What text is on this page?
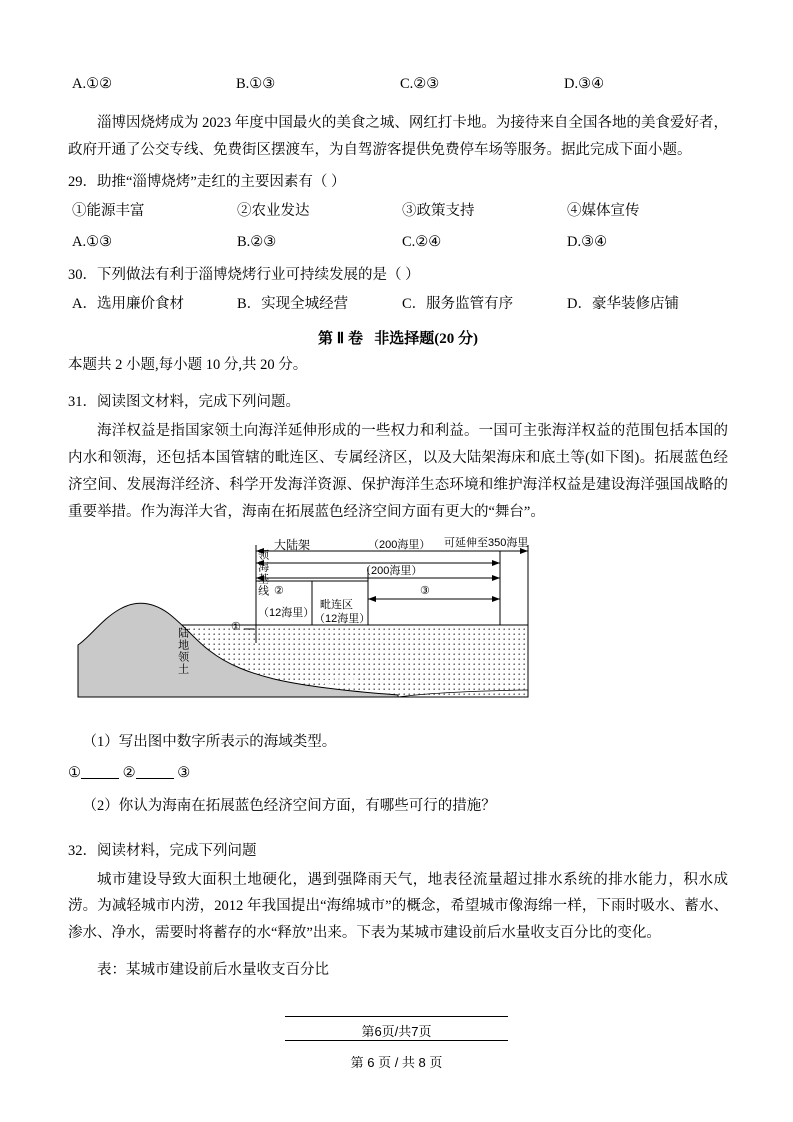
A.①②	B.①③	C.②③	D.③④

淄博因烧烤成为 2023 年度中国最火的美食之城、网红打卡地。为接待来自全国各地的美食爱好者，政府开通了公交专线、免费街区摆渡车，为自驾游客提供免费停车场等服务。据此完成下面小题。

29．助推“淄博烧烤”走红的主要因素有（ ）
①能源丰富	②农业发达	③政策支持	④媒体宣传
A.①③	B.②③	C.②④	D.③④
30．下列做法有利于淄博烧烤行业可持续发展的是（ ）
A．选用廉价食材	B．实现全城经营	C．服务监管有序	D．豪华装修店铺
第 Ⅱ 卷 非选择题(20 分)
本题共 2 小题,每小题 10 分,共 20 分。
31．阅读图文材料，完成下列问题。

海洋权益是指国家领土向海洋延伸形成的一些权力和利益。一国可主张海洋权益的范围包括本国的内水和领海，还包括本国管辖的毗连区、专属经济区，以及大陆架海床和底土等(如下图)。拓展蓝色经济空间、发展海洋经济、科学开发海洋资源、保护海洋生态环境和维护海洋权益是建设海洋强国战略的重要举措。作为海洋大省，海南在拓展蓝色经济空间方面有更大的“舞台”。

领海基线
大陆架	（200海里） 可延伸至350海里
（200海里）
②
（12海里）
毗连区
（12海里）
③
①
陆地领土
大陆架
（1）写出图中数字所表示的海域类型。
①	②	③
（2）你认为海南在拓展蓝色经济空间方面，有哪些可行的措施？
32．阅读材料，完成下列问题

城市建设导致大面积土地硬化，遇到强降雨天气，地表径流量超过排水系统的排水能力，积水成涝。为减轻城市内涝，2012 年我国提出“海绵城市”的概念，希望城市像海绵一样，下雨时吸水、蓄水、渗水、净水，需要时将蓄存的水“释放”出来。下表为某城市建设前后水量收支百分比的变化。

表：某城市建设前后水量收支百分比
第6页/共7页
第 6 页 / 共 8 页
